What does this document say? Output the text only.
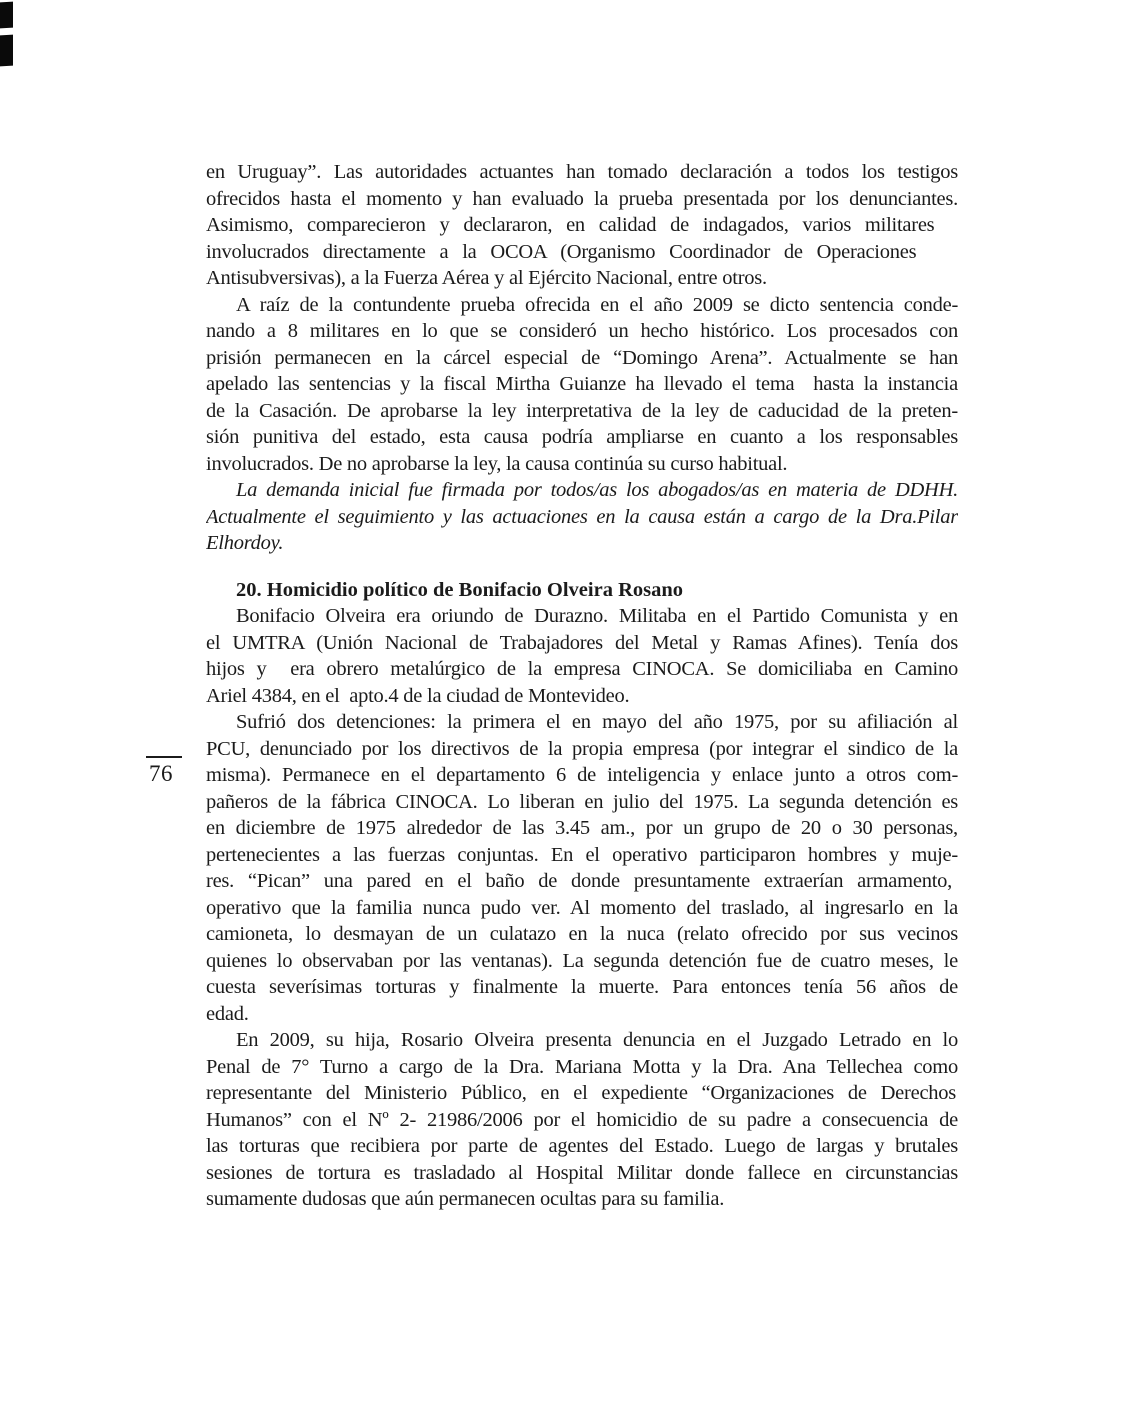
76
en Uruguay”. Las autoridades actuantes han tomado declaración a todos los testigos
ofrecidos hasta el momento y han evaluado la prueba presentada por los denunciantes.
Asimismo, comparecieron y declararon, en calidad de indagados, varios militares
involucrados directamente a la OCOA (Organismo Coordinador de Operaciones
Antisubversivas), a la Fuerza Aérea y al Ejército Nacional, entre otros.
A raíz de la contundente prueba ofrecida en el año 2009 se dicto sentencia conde-
nando a 8 militares en lo que se consideró un hecho histórico. Los procesados con
prisión permanecen en la cárcel especial de “Domingo Arena”. Actualmente se han
apelado las sentencias y la fiscal Mirtha Guianze ha llevado el tema  hasta la instancia
de la Casación. De aprobarse la ley interpretativa de la ley de caducidad de la preten-
sión punitiva del estado, esta causa podría ampliarse en cuanto a los responsables
involucrados. De no aprobarse la ley, la causa continúa su curso habitual.
La demanda inicial fue firmada por todos/as los abogados/as en materia de DDHH.
Actualmente el seguimiento y las actuaciones en la causa están a cargo de la Dra.Pilar
Elhordoy.
20. Homicidio político de Bonifacio Olveira Rosano
Bonifacio Olveira era oriundo de Durazno. Militaba en el Partido Comunista y en
el UMTRA (Unión Nacional de Trabajadores del Metal y Ramas Afines). Tenía dos
hijos y  era obrero metalúrgico de la empresa CINOCA. Se domiciliaba en Camino
Ariel 4384, en el  apto.4 de la ciudad de Montevideo.
Sufrió dos detenciones: la primera el en mayo del año 1975, por su afiliación al
PCU, denunciado por los directivos de la propia empresa (por integrar el sindico de la
misma). Permanece en el departamento 6 de inteligencia y enlace junto a otros com-
pañeros de la fábrica CINOCA. Lo liberan en julio del 1975. La segunda detención es
en diciembre de 1975 alrededor de las 3.45 am., por un grupo de 20 o 30 personas,
pertenecientes a las fuerzas conjuntas. En el operativo participaron hombres y muje-
res. “Pican” una pared en el baño de donde presuntamente extraerían armamento,
operativo que la familia nunca pudo ver. Al momento del traslado, al ingresarlo en la
camioneta, lo desmayan de un culatazo en la nuca (relato ofrecido por sus vecinos
quienes lo observaban por las ventanas). La segunda detención fue de cuatro meses, le
cuesta severísimas torturas y finalmente la muerte. Para entonces tenía 56 años de
edad.
En 2009, su hija, Rosario Olveira presenta denuncia en el Juzgado Letrado en lo
Penal de 7° Turno a cargo de la Dra. Mariana Motta y la Dra. Ana Tellechea como
representante del Ministerio Público, en el expediente “Organizaciones de Derechos
Humanos” con el Nº 2- 21986/2006 por el homicidio de su padre a consecuencia de
las torturas que recibiera por parte de agentes del Estado. Luego de largas y brutales
sesiones de tortura es trasladado al Hospital Militar donde fallece en circunstancias
sumamente dudosas que aún permanecen ocultas para su familia.
